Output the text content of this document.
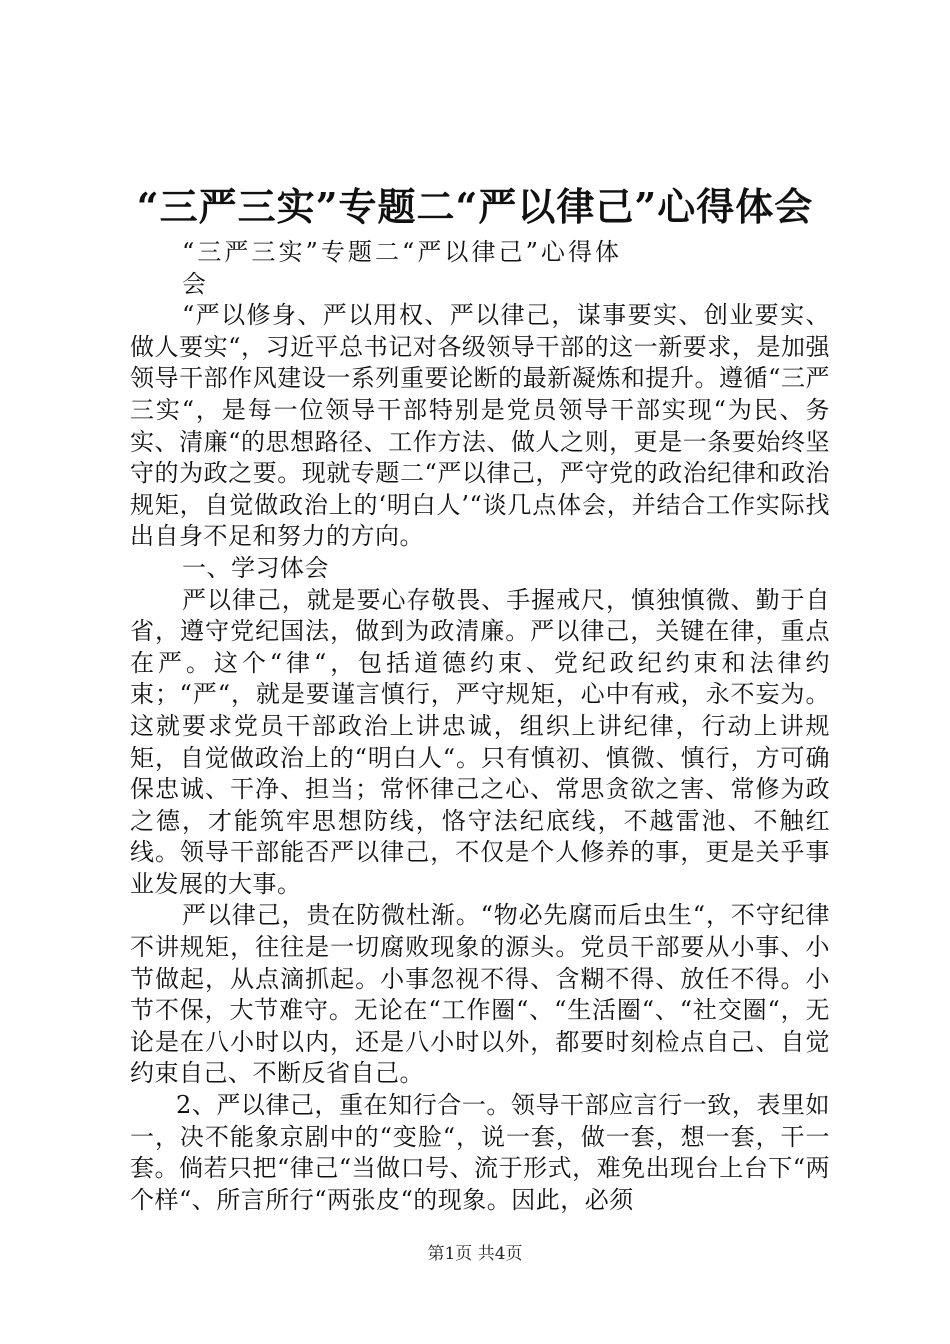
“三严三实”专题二“严以律己”心得体会

“三严三实”专题二“严以律己”心得体会

“严以修身、严以用权、严以律己，谋事要实、创业要实、做人要实“，习近平总书记对各级领导干部的这一新要求，是加强领导干部作风建设一系列重要论断的最新凝炼和提升。遵循“三严三实“，是每一位领导干部特别是党员领导干部实现“为民、务实、清廉“的思想路径、工作方法、做人之则，更是一条要始终坚守的为政之要。现就专题二“严以律己，严守党的政治纪律和政治规矩，自觉做政治上的‘明白人’“谈几点体会，并结合工作实际找出自身不足和努力的方向。

一、学习体会

严以律己，就是要心存敬畏、手握戒尺，慎独慎微、勤于自省，遵守党纪国法，做到为政清廉。严以律己，关键在律，重点在严。这个“律“，包括道德约束、党纪政纪约束和法律约束；“严“，就是要谨言慎行，严守规矩，心中有戒，永不妄为。这就要求党员干部政治上讲忠诚，组织上讲纪律，行动上讲规矩，自觉做政治上的“明白人“。只有慎初、慎微、慎行，方可确保忠诚、干净、担当；常怀律己之心、常思贪欲之害、常修为政之德，才能筑牢思想防线，恪守法纪底线，不越雷池、不触红线。领导干部能否严以律己，不仅是个人修养的事，更是关乎事业发展的大事。

严以律己，贵在防微杜渐。“物必先腐而后虫生“，不守纪律不讲规矩，往往是一切腐败现象的源头。党员干部要从小事、小节做起，从点滴抓起。小事忽视不得、含糊不得、放任不得。小节不保，大节难守。无论在“工作圈“、“生活圈“、“社交圈“，无论是在八小时以内，还是八小时以外，都要时刻检点自己、自觉约束自己、不断反省自己。

2、严以律己，重在知行合一。领导干部应言行一致，表里如一，决不能象京剧中的“变脸“，说一套，做一套，想一套，干一套。倘若只把“律己“当做口号、流于形式，难免出现台上台下“两个样“、所言所行“两张皮“的现象。因此，必须

第1页 共4页
